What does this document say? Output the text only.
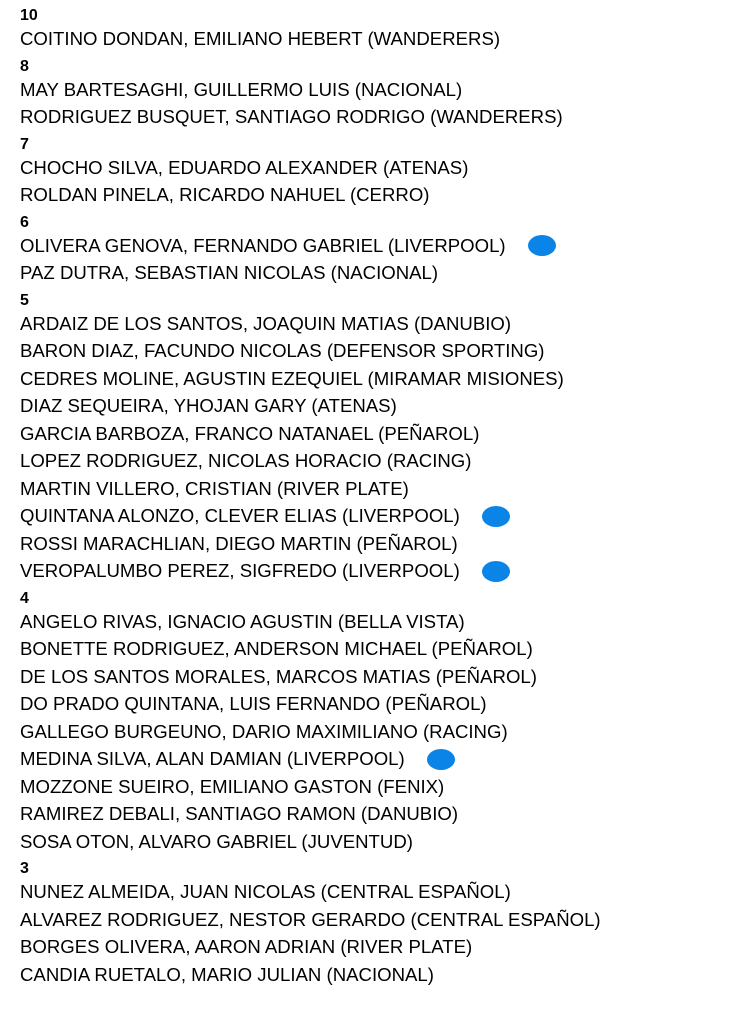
10
COITINO DONDAN, EMILIANO HEBERT (WANDERERS)
8
MAY BARTESAGHI, GUILLERMO LUIS (NACIONAL)
RODRIGUEZ BUSQUET, SANTIAGO RODRIGO (WANDERERS)
7
CHOCHO SILVA, EDUARDO ALEXANDER (ATENAS)
ROLDAN PINELA, RICARDO NAHUEL (CERRO)
6
OLIVERA GENOVA, FERNANDO GABRIEL (LIVERPOOL)
PAZ DUTRA, SEBASTIAN NICOLAS (NACIONAL)
5
ARDAIZ DE LOS SANTOS, JOAQUIN MATIAS (DANUBIO)
BARON DIAZ, FACUNDO NICOLAS (DEFENSOR SPORTING)
CEDRES MOLINE, AGUSTIN EZEQUIEL (MIRAMAR MISIONES)
DIAZ SEQUEIRA, YHOJAN GARY (ATENAS)
GARCIA BARBOZA, FRANCO NATANAEL (PEÑAROL)
LOPEZ RODRIGUEZ, NICOLAS HORACIO (RACING)
MARTIN VILLERO, CRISTIAN (RIVER PLATE)
QUINTANA ALONZO, CLEVER ELIAS (LIVERPOOL)
ROSSI MARACHLIAN, DIEGO MARTIN (PEÑAROL)
VEROPALUMBO PEREZ, SIGFREDO (LIVERPOOL)
4
ANGELO RIVAS, IGNACIO AGUSTIN (BELLA VISTA)
BONETTE RODRIGUEZ, ANDERSON MICHAEL (PEÑAROL)
DE LOS SANTOS MORALES, MARCOS MATIAS (PEÑAROL)
DO PRADO QUINTANA, LUIS FERNANDO (PEÑAROL)
GALLEGO BURGEUNO, DARIO MAXIMILIANO (RACING)
MEDINA SILVA, ALAN DAMIAN (LIVERPOOL)
MOZZONE SUEIRO, EMILIANO GASTON (FENIX)
RAMIREZ DEBALI, SANTIAGO RAMON (DANUBIO)
SOSA OTON, ALVARO GABRIEL (JUVENTUD)
3
NUNEZ ALMEIDA, JUAN NICOLAS (CENTRAL ESPAÑOL)
ALVAREZ RODRIGUEZ, NESTOR GERARDO (CENTRAL ESPAÑOL)
BORGES OLIVERA, AARON ADRIAN (RIVER PLATE)
CANDIA RUETALO, MARIO JULIAN (NACIONAL)
